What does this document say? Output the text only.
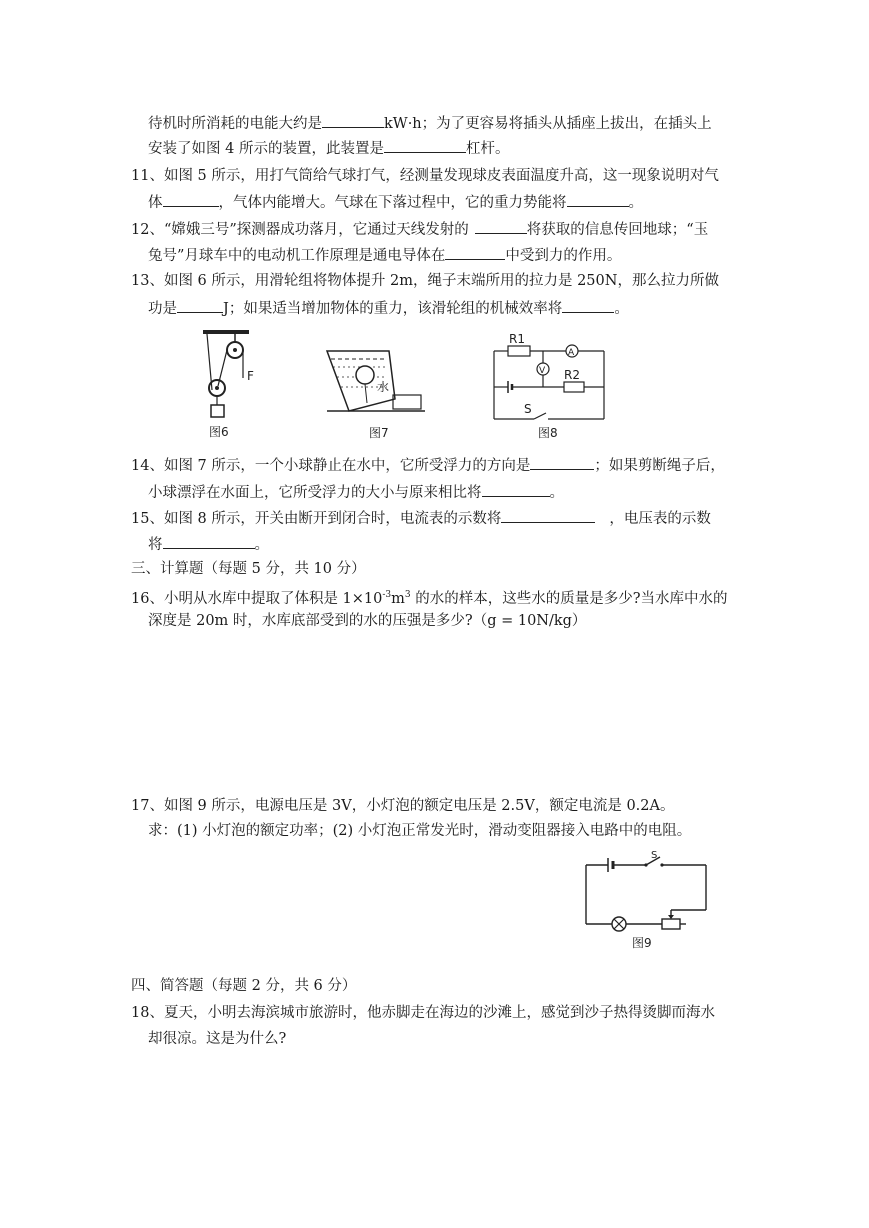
待机时所消耗的电能大约是	kW·h；为了更容易将插头从插座上拔出，在插头上
安装了如图 4 所示的装置，此装置是	杠杆。
11、如图 5 所示，用打气筒给气球打气，经测量发现球皮表面温度升高，这一现象说明对气
体	，气体内能增大。气球在下落过程中，它的重力势能将	。
12、“嫦娥三号”探测器成功落月，它通过天线发射的	将获取的信息传回地球；“玉
兔号”月球车中的电动机工作原理是通电导体在	中受到力的作用。
13、如图 6 所示，用滑轮组将物体提升 2m，绳子末端所用的拉力是 250N，那么拉力所做
功是	J；如果适当增加物体的重力，该滑轮组的机械效率将	。
F
图6
水
图7
R1
A
V R2
S
图8
14、如图 7 所示，一个小球静止在水中，它所受浮力的方向是	；如果剪断绳子后，
小球漂浮在水面上，它所受浮力的大小与原来相比将	。
15、如图 8 所示，开关由断开到闭合时，电流表的示数将	，电压表的示数
将	。
三、计算题（每题 5 分，共 10 分）
16、小明从水库中提取了体积是 $1\times 10^{-3}m^3$ 的水的样本，这些水的质量是多少?当水库中水的
深度是 20m 时，水库底部受到的水的压强是多少?（g = 10N/kg）
17、如图 9 所示，电源电压是 3V，小灯泡的额定电压是 2.5V，额定电流是 0.2A。
求：(1) 小灯泡的额定功率；(2) 小灯泡正常发光时，滑动变阻器接入电路中的电阻。
S
图9
四、简答题（每题 2 分，共 6 分）
18、夏天，小明去海滨城市旅游时，他赤脚走在海边的沙滩上，感觉到沙子热得烫脚而海水
却很凉。这是为什么?
